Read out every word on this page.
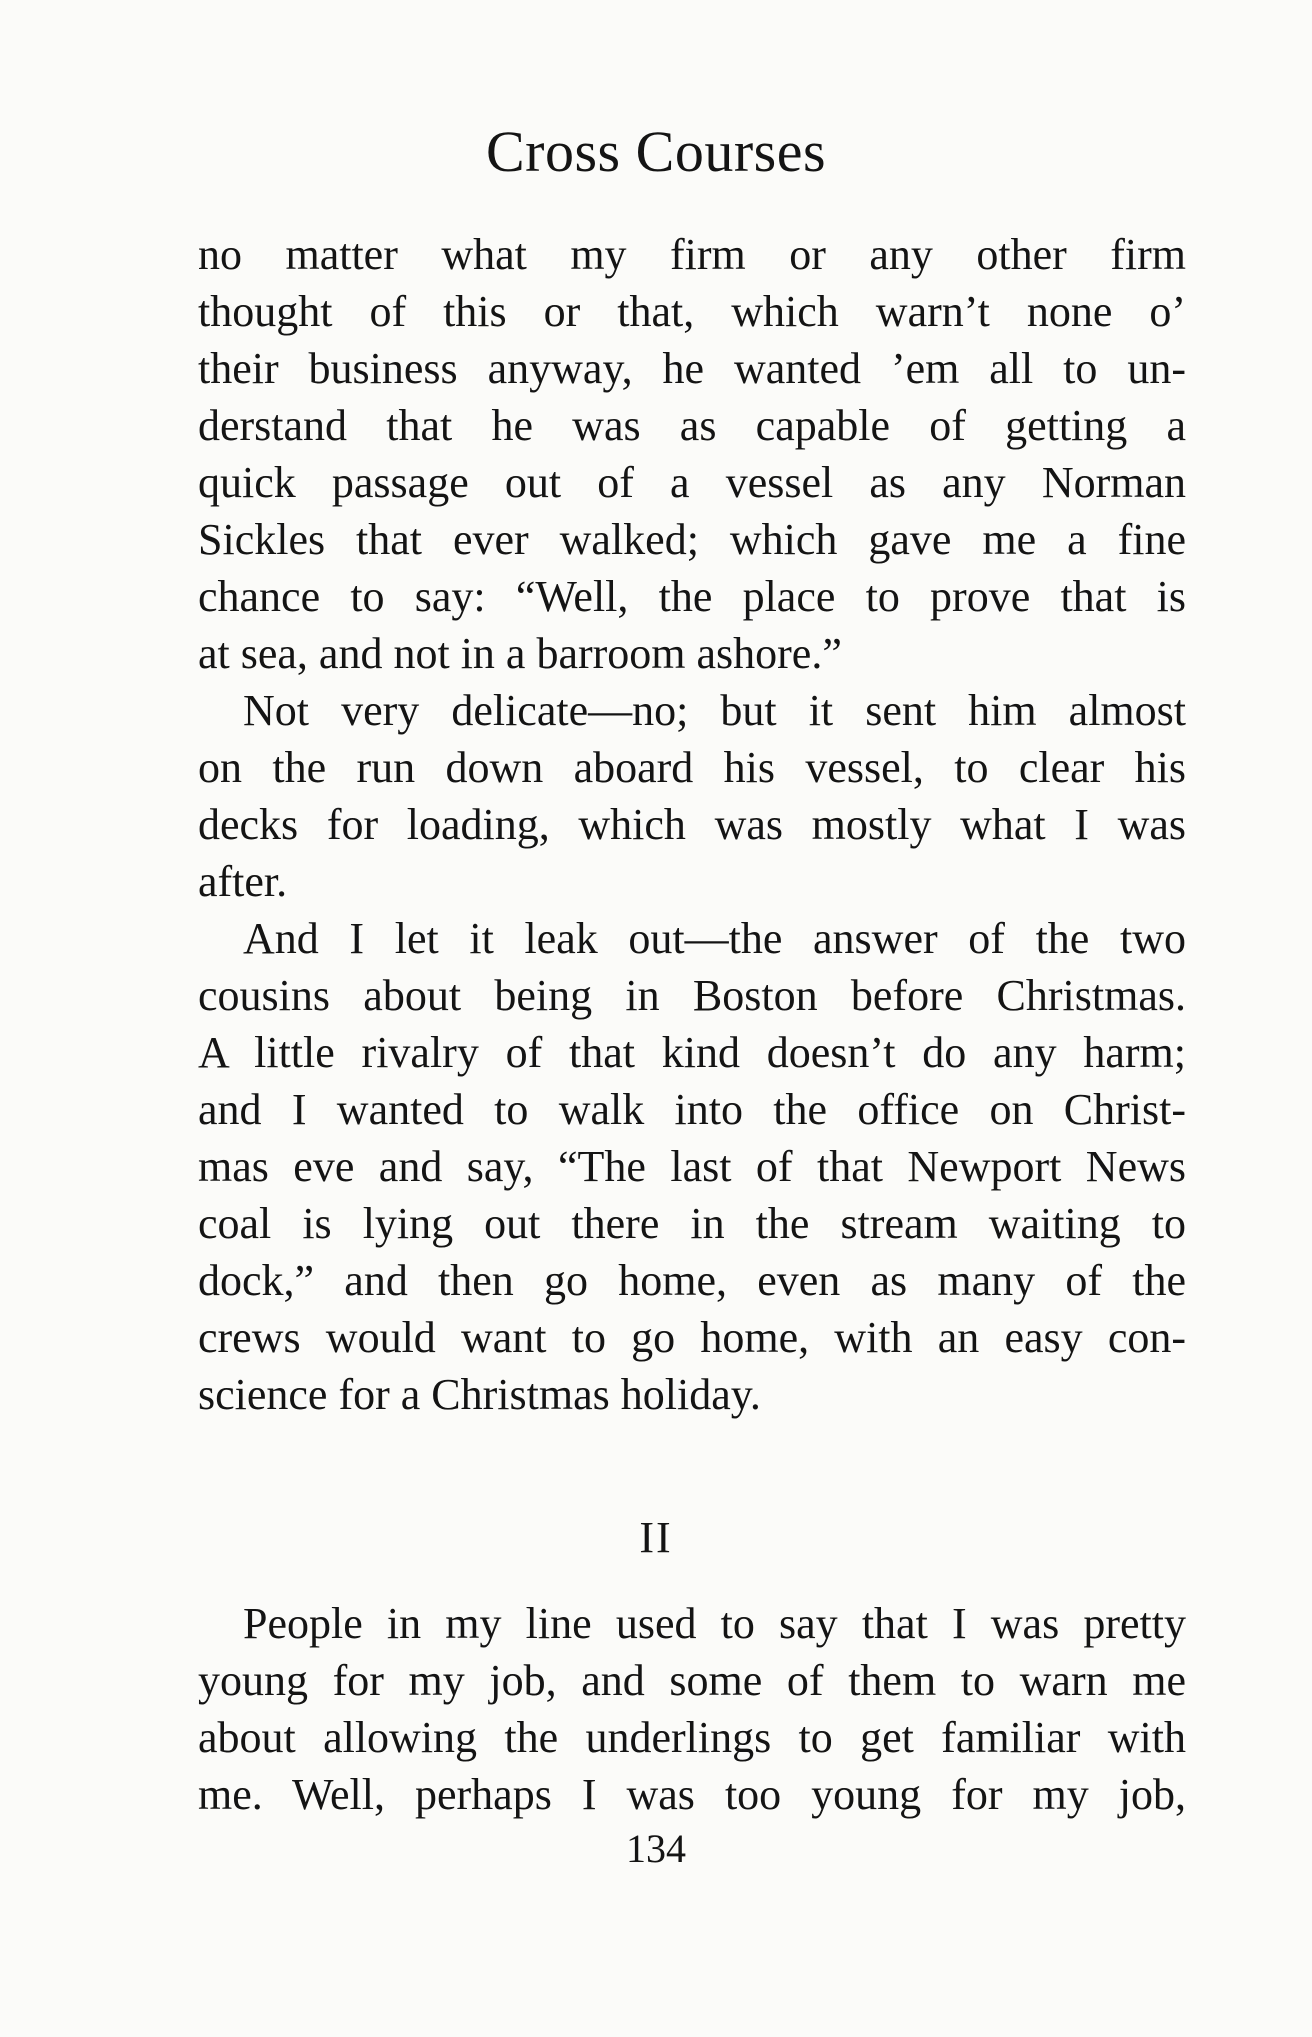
Cross Courses
no matter what my firm or any other firm
thought of this or that, which warn’t none o’
their business anyway, he wanted ’em all to un-
derstand that he was as capable of getting a
quick passage out of a vessel as any Norman
Sickles that ever walked; which gave me a fine
chance to say: “Well, the place to prove that is
at sea, and not in a barroom ashore.”
Not very delicate—no; but it sent him almost
on the run down aboard his vessel, to clear his
decks for loading, which was mostly what I was
after.
And I let it leak out—the answer of the two
cousins about being in Boston before Christmas.
A little rivalry of that kind doesn’t do any harm;
and I wanted to walk into the office on Christ-
mas eve and say, “The last of that Newport News
coal is lying out there in the stream waiting to
dock,” and then go home, even as many of the
crews would want to go home, with an easy con-
science for a Christmas holiday.
II
People in my line used to say that I was pretty
young for my job, and some of them to warn me
about allowing the underlings to get familiar with
me. Well, perhaps I was too young for my job,
134
